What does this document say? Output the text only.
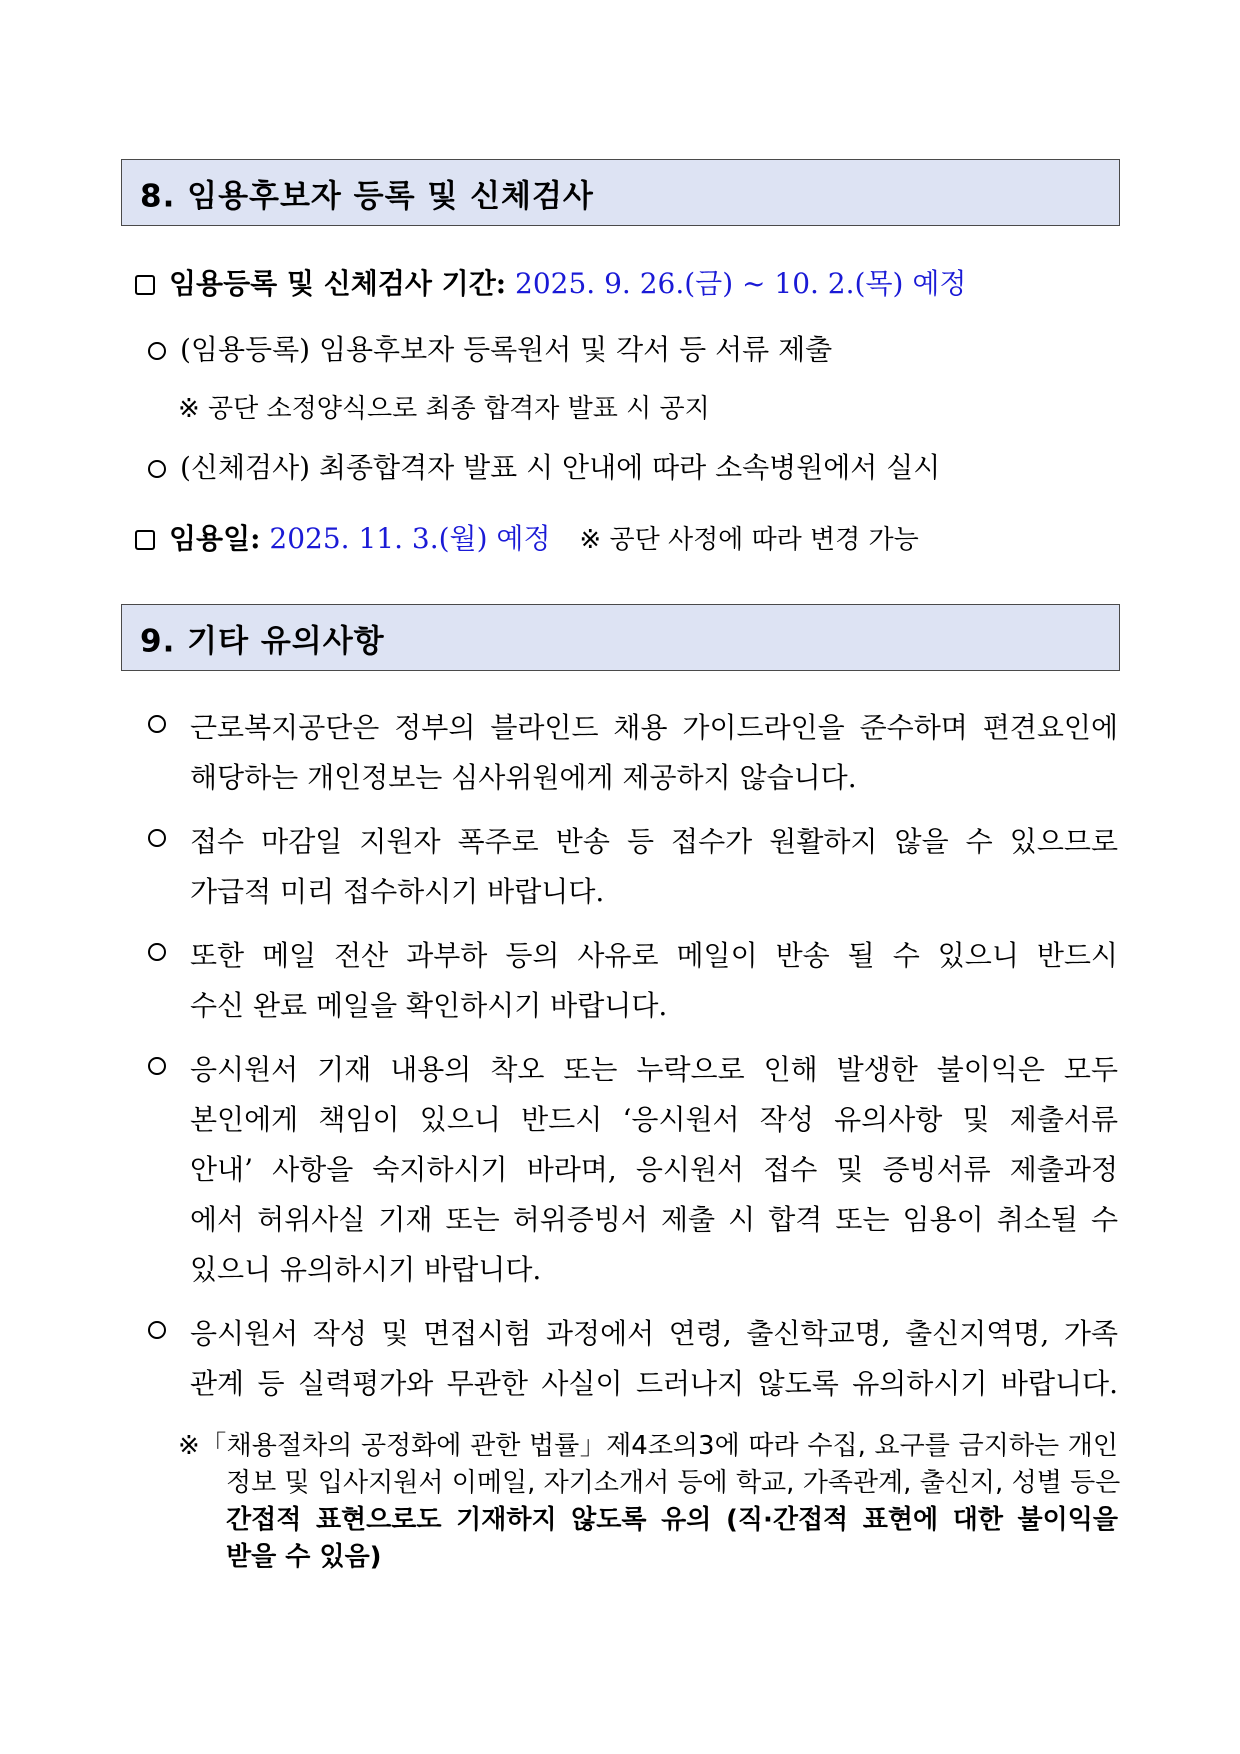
8. 임용후보자 등록 및 신체검사
임용등록 및 신체검사 기간: 2025. 9. 26.(금) ~ 10. 2.(목) 예정
(임용등록) 임용후보자 등록원서 및 각서 등 서류 제출
※ 공단 소정양식으로 최종 합격자 발표 시 공지
(신체검사) 최종합격자 발표 시 안내에 따라 소속병원에서 실시
임용일: 2025. 11. 3.(월) 예정 ※ 공단 사정에 따라 변경 가능
9. 기타 유의사항
근로복지공단은 정부의 블라인드 채용 가이드라인을 준수하며 편견요인에
해당하는 개인정보는 심사위원에게 제공하지 않습니다.
접수 마감일 지원자 폭주로 반송 등 접수가 원활하지 않을 수 있으므로
가급적 미리 접수하시기 바랍니다.
또한 메일 전산 과부하 등의 사유로 메일이 반송 될 수 있으니 반드시
수신 완료 메일을 확인하시기 바랍니다.
응시원서 기재 내용의 착오 또는 누락으로 인해 발생한 불이익은 모두
본인에게 책임이 있으니 반드시 ‘응시원서 작성 유의사항 및 제출서류
안내’ 사항을 숙지하시기 바라며, 응시원서 접수 및 증빙서류 제출과정
에서 허위사실 기재 또는 허위증빙서 제출 시 합격 또는 임용이 취소될 수
있으니 유의하시기 바랍니다.
응시원서 작성 및 면접시험 과정에서 연령, 출신학교명, 출신지역명, 가족
관계 등 실력평가와 무관한 사실이 드러나지 않도록 유의하시기 바랍니다.
※「채용절차의 공정화에 관한 법률」제4조의3에 따라 수집, 요구를 금지하는 개인
정보 및 입사지원서 이메일, 자기소개서 등에 학교, 가족관계, 출신지, 성별 등은
간접적 표현으로도 기재하지 않도록 유의 (직·간접적 표현에 대한 불이익을
받을 수 있음)
